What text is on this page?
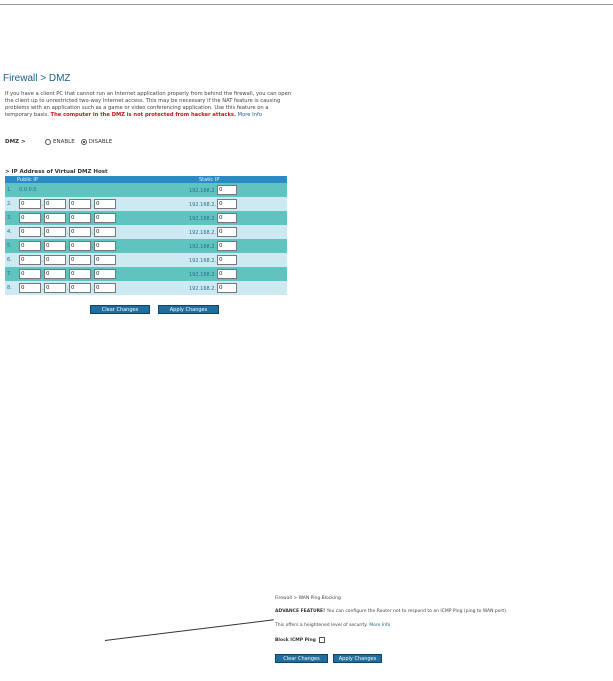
Firewall > DMZ
If you have a client PC that cannot run an Internet application properly from behind the firewall, you can open the client up to unrestricted two-way Internet access. This may be necessary if the NAT feature is causing problems with an application such as a game or video conferencing application. Use this feature on a temporary basis. The computer in the DMZ is not protected from hacker attacks. More Info
DMZ >	ENABLE	DISABLE
> IP Address of Virtual DMZ Host
Public IP		Static IP
1.	0.0.0.0	192.168.2. 0
2.	0 . 0 . 0 . 0	192.168.2. 0
3.	0 . 0 . 0 . 0	192.168.2. 0
4.	0 . 0 . 0 . 0	192.168.2. 0
5.	0 . 0 . 0 . 0	192.168.2. 0
6.	0 . 0 . 0 . 0	192.168.2. 0
7.	0 . 0 . 0 . 0	192.168.2. 0
8.	0 . 0 . 0 . 0	192.168.2. 0
Clear Changes	Apply Changes
Firewall > WAN Ping Blocking
ADVANCE FEATURE! You can configure the Router not to respond to an ICMP Ping (ping to WAN port).
This offers a heightened level of security. More Info
Block ICMP Ping
Clear Changes	Apply Changes
